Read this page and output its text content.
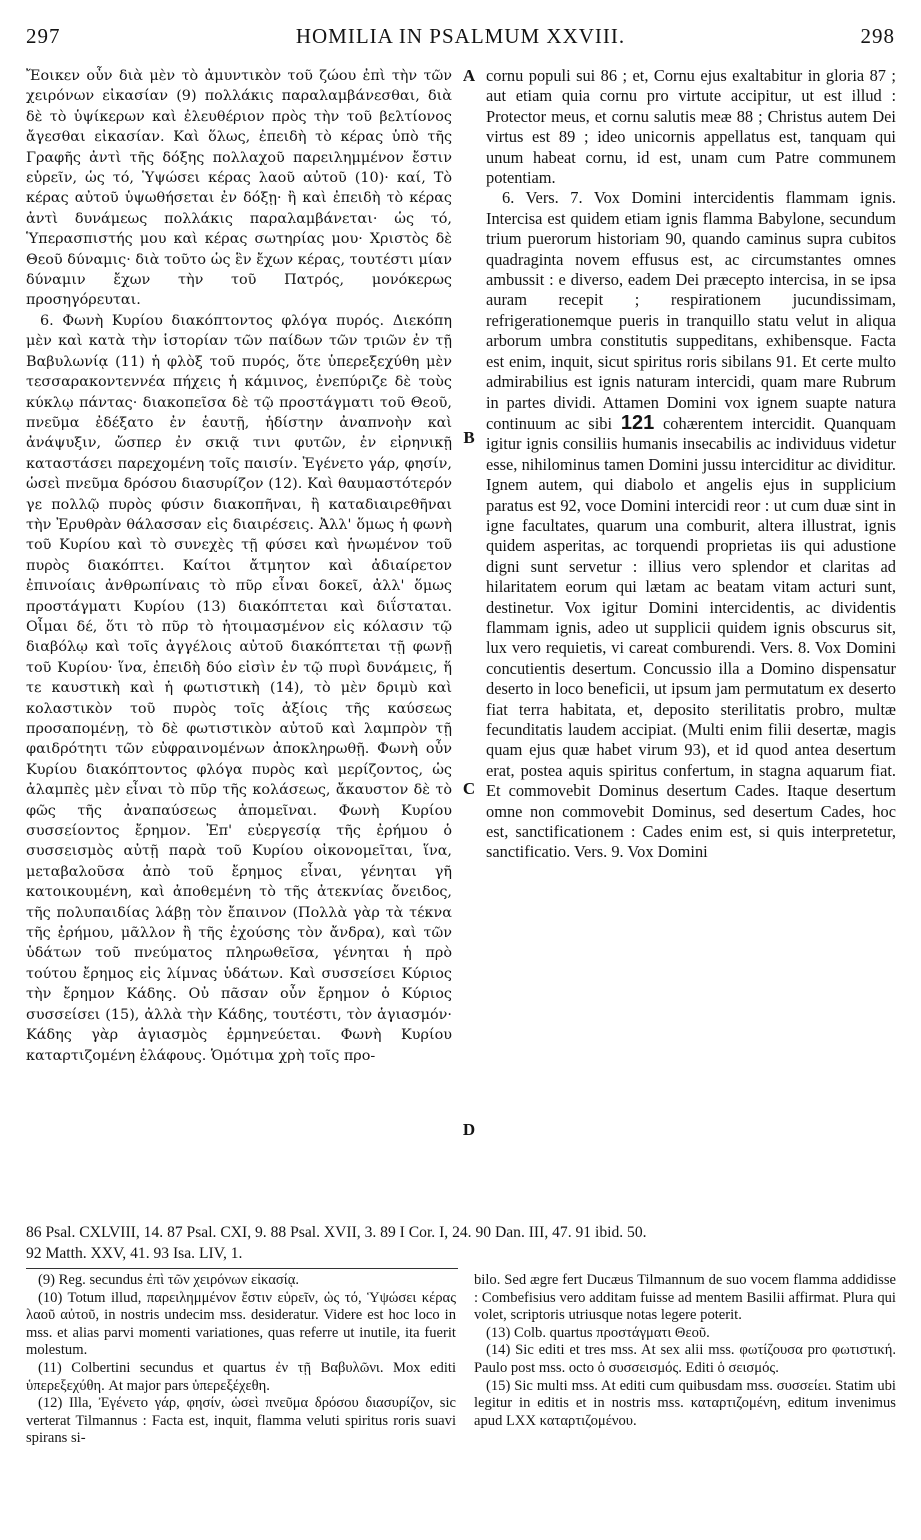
297	HOMILIA IN PSALMUM XXVIII.	298

Ἔοικεν οὖν διὰ μὲν τὸ ἀμυντικὸν τοῦ ζώου ἐπὶ τὴν τῶν χειρόνων εἰκασίαν (9) πολλάκις παραλαμβάνεσθαι, διὰ δὲ τὸ ὑψίκερων καὶ ἐλευθέριον πρὸς τὴν τοῦ βελτίονος ἄγεσθαι εἰκασίαν. Καὶ ὅλως, ἐπειδὴ τὸ κέρας ὑπὸ τῆς Γραφῆς ἀντὶ τῆς δόξης πολλαχοῦ παρειλημμένον ἔστιν εὑρεῖν, ὡς τό, Ὑψώσει κέρας λαοῦ αὐτοῦ (10)· καί, Τὸ κέρας αὐτοῦ ὑψωθήσεται ἐν δόξῃ· ἢ καὶ ἐπειδὴ τὸ κέρας ἀντὶ δυνάμεως πολλάκις παραλαμβάνεται· ὡς τό, Ὑπερασπιστής μου καὶ κέρας σωτηρίας μου· Χριστὸς δὲ Θεοῦ δύναμις· διὰ τοῦτο ὡς ἓν ἔχων κέρας, τουτέστι μίαν δύναμιν ἔχων τὴν τοῦ Πατρός, μονόκερως προσηγόρευται.

6. Φωνὴ Κυρίου διακόπτοντος φλόγα πυρός. Διεκόπη μὲν καὶ κατὰ τὴν ἱστορίαν τῶν παίδων τῶν τριῶν ἐν τῇ Βαβυλωνίᾳ (11) ἡ φλὸξ τοῦ πυρός, ὅτε ὑπερεξεχύθη μὲν τεσσαρακοντεννέα πήχεις ἡ κάμινος, ἐνεπύριζε δὲ τοὺς κύκλῳ πάντας· διακοπεῖσα δὲ τῷ προστάγματι τοῦ Θεοῦ, πνεῦμα ἐδέξατο ἐν ἑαυτῇ, ἡδίστην ἀναπνοὴν καὶ ἀνάψυξιν, ὥσπερ ἐν σκιᾷ τινι φυτῶν, ἐν εἰρηνικῇ καταστάσει παρεχομένη τοῖς παισίν. Ἐγένετο γάρ, φησίν, ὡσεὶ πνεῦμα δρόσου διασυρίζον (12). Καὶ θαυμαστότερόν γε πολλῷ πυρὸς φύσιν διακοπῆναι, ἢ καταδιαιρεθῆναι τὴν Ἐρυθρὰν θάλασσαν εἰς διαιρέσεις. Ἀλλ' ὅμως ἡ φωνὴ τοῦ Κυρίου καὶ τὸ συνεχὲς τῇ φύσει καὶ ἡνωμένον τοῦ πυρὸς διακόπτει. Καίτοι ἄτμητον καὶ ἀδιαίρετον ἐπινοίαις ἀνθρωπίναις τὸ πῦρ εἶναι δοκεῖ, ἀλλ' ὅμως προστάγματι Κυρίου (13) διακόπτεται καὶ διΐσταται. Οἶμαι δέ, ὅτι τὸ πῦρ τὸ ἡτοιμασμένον εἰς κόλασιν τῷ διαβόλῳ καὶ τοῖς ἀγγέλοις αὐτοῦ διακόπτεται τῇ φωνῇ τοῦ Κυρίου· ἵνα, ἐπειδὴ δύο εἰσὶν ἐν τῷ πυρὶ δυνάμεις, ἥ τε καυστικὴ καὶ ἡ φωτιστικὴ (14), τὸ μὲν δριμὺ καὶ κολαστικὸν τοῦ πυρὸς τοῖς ἀξίοις τῆς καύσεως προσαπομένῃ, τὸ δὲ φωτιστικὸν αὐτοῦ καὶ λαμπρὸν τῇ φαιδρότητι τῶν εὐφραινομένων ἀποκληρωθῇ. Φωνὴ οὖν Κυρίου διακόπτοντος φλόγα πυρὸς καὶ μερίζοντος, ὡς ἀλαμπὲς μὲν εἶναι τὸ πῦρ τῆς κολάσεως, ἄκαυστον δὲ τὸ φῶς τῆς ἀναπαύσεως ἀπομεῖναι. Φωνὴ Κυρίου συσσείοντος ἔρημον. Ἐπ' εὐεργεσίᾳ τῆς ἐρήμου ὁ συσσεισμὸς αὐτῇ παρὰ τοῦ Κυρίου οἰκονομεῖται, ἵνα, μεταβαλοῦσα ἀπὸ τοῦ ἔρημος εἶναι, γένηται γῆ κατοικουμένη, καὶ ἀποθεμένη τὸ τῆς ἀτεκνίας ὄνειδος, τῆς πολυπαιδίας λάβῃ τὸν ἔπαινον (Πολλὰ γὰρ τὰ τέκνα τῆς ἐρήμου, μᾶλλον ἢ τῆς ἐχούσης τὸν ἄνδρα), καὶ τῶν ὑδάτων τοῦ πνεύματος πληρωθεῖσα, γένηται ἡ πρὸ τούτου ἔρημος εἰς λίμνας ὑδάτων. Καὶ συσσείσει Κύριος τὴν ἔρημον Κάδης. Οὐ πᾶσαν οὖν ἔρημον ὁ Κύριος συσσείσει (15), ἀλλὰ τὴν Κάδης, τουτέστι, τὸν ἁγιασμόν· Κάδης γὰρ ἁγιασμὸς ἑρμηνεύεται. Φωνὴ Κυρίου καταρτιζομένη ἐλάφους. Ὁμότιμα χρὴ τοῖς προ-

A
B
C
D

cornu populi sui 86 ; et, Cornu ejus exaltabitur in gloria 87 ; aut etiam quia cornu pro virtute accipitur, ut est illud : Protector meus, et cornu salutis meæ 88 ; Christus autem Dei virtus est 89 ; ideo unicornis appellatus est, tanquam qui unum habeat cornu, id est, unam cum Patre communem potentiam.

6. Vers. 7. Vox Domini intercidentis flammam ignis. Intercisa est quidem etiam ignis flamma Babylone, secundum trium puerorum historiam 90, quando caminus supra cubitos quadraginta novem effusus est, ac circumstantes omnes ambussit : e diverso, eadem Dei præcepto intercisa, in se ipsa auram recepit ; respirationem jucundissimam, refrigerationemque pueris in tranquillo statu velut in aliqua arborum umbra constitutis suppeditans, exhibensque. Facta est enim, inquit, sicut spiritus roris sibilans 91. Et certe multo admirabilius est ignis naturam intercidi, quam mare Rubrum in partes dividi. Attamen Domini vox ignem suapte natura continuum ac sibi 121 cohærentem intercidit. Quanquam igitur ignis consiliis humanis insecabilis ac individuus videtur esse, nihilominus tamen Domini jussu interciditur ac dividitur. Ignem autem, qui diabolo et angelis ejus in supplicium paratus est 92, voce Domini intercidi reor : ut cum duæ sint in igne facultates, quarum una comburit, altera illustrat, ignis quidem asperitas, ac torquendi proprietas iis qui adustione digni sunt servetur : illius vero splendor et claritas ad hilaritatem eorum qui lætam ac beatam vitam acturi sunt, destinetur. Vox igitur Domini intercidentis, ac dividentis flammam ignis, adeo ut supplicii quidem ignis obscurus sit, lux vero requietis, vi careat comburendi. Vers. 8. Vox Domini concutientis desertum. Concussio illa a Domino dispensatur deserto in loco beneficii, ut ipsum jam permutatum ex deserto fiat terra habitata, et, deposito sterilitatis probro, multæ fecunditatis laudem accipiat. (Multi enim filii desertæ, magis quam ejus quæ habet virum 93), et id quod antea desertum erat, postea aquis spiritus confertum, in stagna aquarum fiat. Et commovebit Dominus desertum Cades. Itaque desertum omne non commovebit Dominus, sed desertum Cades, hoc est, sanctificationem : Cades enim est, si quis interpretetur, sanctificatio. Vers. 9. Vox Domini

86 Psal. CXLVIII, 14. 87 Psal. CXI, 9. 88 Psal. XVII, 3. 89 I Cor. I, 24. 90 Dan. III, 47. 91 ibid. 50.

92 Matth. XXV, 41. 93 Isa. LIV, 1.

(9) Reg. secundus ἐπὶ τῶν χειρόνων εἰκασίᾳ.

(10) Totum illud, παρειλημμένον ἔστιν εὑρεῖν, ὡς τό, Ὑψώσει κέρας λαοῦ αὐτοῦ, in nostris undecim mss. desideratur. Videre est hoc loco in mss. et alias parvi momenti variationes, quas referre ut inutile, ita fuerit molestum.

(11) Colbertini secundus et quartus ἐν τῇ Βαβυλῶνι. Mox editi ὑπερεξεχύθη. At major pars ὑπερεξέχεθη.

(12) Illa, Ἐγένετο γάρ, φησίν, ὡσεὶ πνεῦμα δρόσου διασυρίζον, sic verterat Tilmannus : Facta est, inquit, flamma veluti spiritus roris suavi spirans si-

bilo. Sed ægre fert Ducæus Tilmannum de suo vocem flamma addidisse : Combefisius vero additam fuisse ad mentem Basilii affirmat. Plura qui volet, scriptoris utriusque notas legere poterit.

(13) Colb. quartus προστάγματι Θεοῦ.

(14) Sic editi et tres mss. At sex alii mss. φωτίζουσα pro φωτιστική. Paulo post mss. octo ὁ συσσεισμός. Editi ὁ σεισμός.

(15) Sic multi mss. At editi cum quibusdam mss. συσσείει. Statim ubi legitur in editis et in nostris mss. καταρτιζομένη, editum invenimus apud LXX καταρτιζομένου.
